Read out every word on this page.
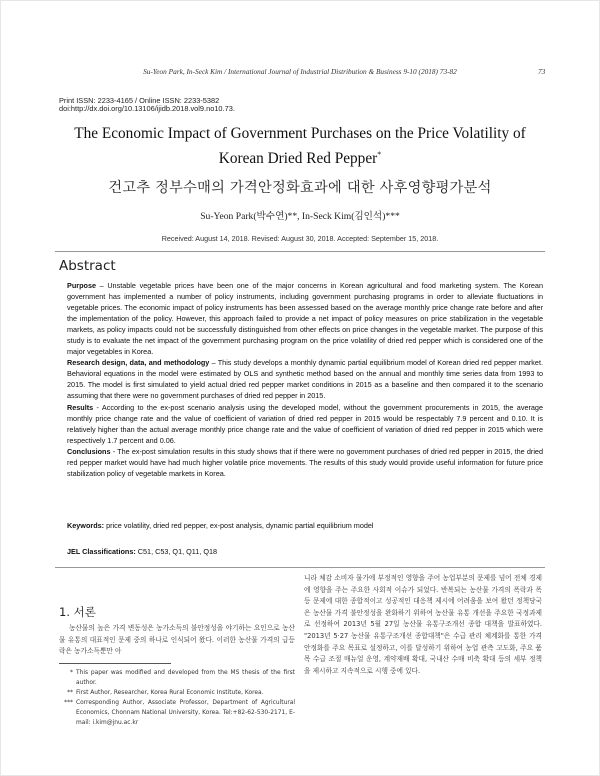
Su-Yeon Park, In-Seck Kim / International Journal of Industrial Distribution & Business 9-10 (2018) 73-82	73
Print ISSN: 2233-4165 / Online ISSN: 2233-5382
doi:http://dx.doi.org/10.13106/ijidb.2018.vol9.no10.73.
The Economic Impact of Government Purchases on the Price Volatility of
Korean Dried Red Pepper*
건고추 정부수매의 가격안정화효과에 대한 사후영향평가분석
Su-Yeon Park(박수연)**, In-Seck Kim(김인석)***
Received: August 14, 2018. Revised: August 30, 2018. Accepted: September 15, 2018.
Abstract

Purpose – Unstable vegetable prices have been one of the major concerns in Korean agricultural and food marketing system. The Korean government has implemented a number of policy instruments, including government purchasing programs in order to alleviate fluctuations in vegetable prices. The economic impact of policy instruments has been assessed based on the average monthly price change rate before and after the implementation of the policy. However, this approach failed to provide a net impact of policy measures on price stabilization in the vegetable markets, as policy impacts could not be successfully distinguished from other effects on price changes in the vegetable market. The purpose of this study is to evaluate the net impact of the government purchasing program on the price volatility of dried red pepper which is considered one of the major vegetables in Korea.

Research design, data, and methodology – This study develops a monthly dynamic partial equilibrium model of Korean dried red pepper market. Behavioral equations in the model were estimated by OLS and synthetic method based on the annual and monthly time series data from 1993 to 2015. The model is first simulated to yield actual dried red pepper market conditions in 2015 as a baseline and then compared it to the scenario assuming that there were no government purchases of dried red pepper in 2015.

Results - According to the ex-post scenario analysis using the developed model, without the government procurements in 2015, the average monthly price change rate and the value of coefficient of variation of dried red pepper in 2015 would be respectably 7.9 percent and 0.10. It is relatively higher than the actual average monthly price change rate and the value of coefficient of variation of dried red pepper in 2015 which were respectively 1.7 percent and 0.06.

Conclusions - The ex-post simulation results in this study shows that if there were no government purchases of dried red pepper in 2015, the dried red pepper market would have had much higher volatile price movements. The results of this study would provide useful information for future price stabilization policy of vegetable markets in Korea.

Keywords: price volatility, dried red pepper, ex-post analysis, dynamic partial equilibrium model
JEL Classifications: C51, C53, Q1, Q11, Q18
1. 서론

농산물의 높은 가격 변동성은 농가소득의 불안정성을 야기하는 요인으로 농산물 유통의 대표적인 문제 중의 하나로 인식되어 왔다. 이러한 농산물 가격의 급등락은 농가소득뿐만 아

* This paper was modified and developed from the MS thesis of the first author.
** First Author, Researcher, Korea Rural Economic Institute, Korea.
*** Corresponding Author, Associate Professor, Department of Agricultural Economics, Chonnam National University, Korea. Tel:+82-62-530-2171, E-mail: i.kim@jnu.ac.kr

니라 체감 소비자 물가에 부정적인 영향을 주어 농업부분의 문제를 넘어 전체 경제에 영향을 주는 주요한 사회적 이슈가 되었다. 반복되는 농산물 가격의 폭락과 폭등 문제에 대한 종합적이고 성공적인 대응책 제시에 어려움을 보여 왔던 정책당국은 농산물 가격 불안정성을 완화하기 위하여 농산물 유통 개선을 주요한 국정과제로 선정하여 2013년 5월 27일 농산물 유통구조개선 종합 대책을 발표하였다. "2013년 5·27 농산물 유통구조개선 종합대책"은 수급 관리 체계화를 통한 가격 안정화를 주요 목표로 설정하고, 이를 달성하기 위하여 농업 관측 고도화, 주요 품목 수급 조절 매뉴얼 운영, 계약재배 확대, 국내산 수매 비축 확대 등의 세부 정책을 제시하고 지속적으로 시행 중에 있다.
